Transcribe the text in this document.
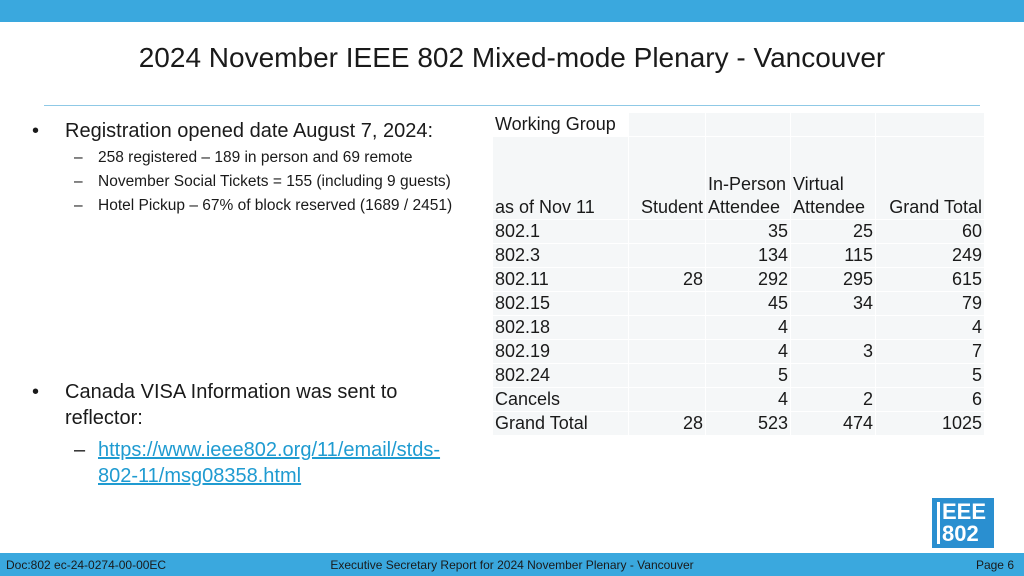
2024 November IEEE 802 Mixed-mode Plenary - Vancouver
• Registration opened date August 7, 2024:
– 258 registered – 189 in person and 69 remote
– November Social Tickets = 155 (including 9 guests)
– Hotel Pickup – 67% of block reserved (1689 / 2451)
• Canada VISA Information was sent to reflector:
– https://www.ieee802.org/11/email/stds-802-11/msg08358.html
Working Group				
as of Nov 11	Student	In-Person Attendee	Virtual Attendee	Grand Total
802.1		35	25	60
802.3		134	115	249
802.11	28	292	295	615
802.15		45	34	79
802.18		4		4
802.19		4	3	7
802.24		5		5
Cancels		4	2	6
Grand Total	28	523	474	1025
EEE
802
Doc:802 ec-24-0274-00-00EC	Executive Secretary Report for 2024 November Plenary - Vancouver	Page 6
